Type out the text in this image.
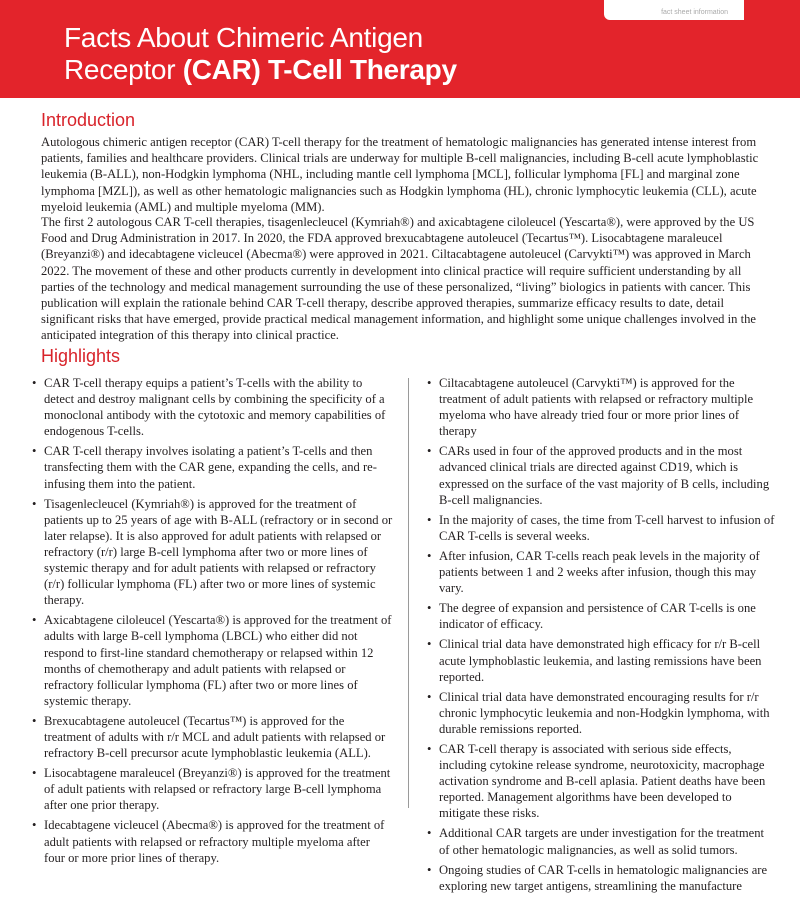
fact sheet information
Facts About Chimeric Antigen
Receptor (CAR) T-Cell Therapy
Introduction

Autologous chimeric antigen receptor (CAR) T-cell therapy for the treatment of hematologic malignancies has generated intense interest from patients, families and healthcare providers. Clinical trials are underway for multiple B-cell malignancies, including B-cell acute lymphoblastic leukemia (B-ALL), non-Hodgkin lymphoma (NHL, including mantle cell lymphoma [MCL], follicular lymphoma [FL] and marginal zone lymphoma [MZL]), as well as other hematologic malignancies such as Hodgkin lymphoma (HL), chronic lymphocytic leukemia (CLL), acute myeloid leukemia (AML) and multiple myeloma (MM).

The first 2 autologous CAR T-cell therapies, tisagenlecleucel (Kymriah®) and axicabtagene ciloleucel (Yescarta®), were approved by the US Food and Drug Administration in 2017. In 2020, the FDA approved brexucabtagene autoleucel (Tecartus™). Lisocabtagene maraleucel (Breyanzi®) and idecabtagene vicleucel (Abecma®) were approved in 2021. Ciltacabtagene autoleucel (Carvykti™) was approved in March 2022. The movement of these and other products currently in development into clinical practice will require sufficient understanding by all parties of the technology and medical management surrounding the use of these personalized, “living” biologics in patients with cancer. This publication will explain the rationale behind CAR T-cell therapy, describe approved therapies, summarize efficacy results to date, detail significant risks that have emerged, provide practical medical management information, and highlight some unique challenges involved in the anticipated integration of this therapy into clinical practice.

Highlights
• CAR T-cell therapy equips a patient’s T-cells with the ability to detect and destroy malignant cells by combining the specificity of a monoclonal antibody with the cytotoxic and memory capabilities of endogenous T-cells.
• CAR T-cell therapy involves isolating a patient’s T-cells and then transfecting them with the CAR gene, expanding the cells, and re-infusing them into the patient.
• Tisagenlecleucel (Kymriah®) is approved for the treatment of patients up to 25 years of age with B-ALL (refractory or in second or later relapse). It is also approved for adult patients with relapsed or refractory (r/r) large B-cell lymphoma after two or more lines of systemic therapy and for adult patients with relapsed or refractory (r/r) follicular lymphoma (FL) after two or more lines of systemic therapy.
• Axicabtagene ciloleucel (Yescarta®) is approved for the treatment of adults with large B-cell lymphoma (LBCL) who either did not respond to first-line standard chemotherapy or relapsed within 12 months of chemotherapy and adult patients with relapsed or refractory follicular lymphoma (FL) after two or more lines of systemic therapy.
• Brexucabtagene autoleucel (Tecartus™) is approved for the treatment of adults with r/r MCL and adult patients with relapsed or refractory B-cell precursor acute lymphoblastic leukemia (ALL).
• Lisocabtagene maraleucel (Breyanzi®) is approved for the treatment of adult patients with relapsed or refractory large B-cell lymphoma after one prior therapy.
• Idecabtagene vicleucel (Abecma®) is approved for the treatment of adult patients with relapsed or refractory multiple myeloma after four or more prior lines of therapy.
• Ciltacabtagene autoleucel (Carvykti™) is approved for the treatment of adult patients with relapsed or refractory multiple myeloma who have already tried four or more prior lines of therapy
• CARs used in four of the approved products and in the most advanced clinical trials are directed against CD19, which is expressed on the surface of the vast majority of B cells, including B-cell malignancies.
• In the majority of cases, the time from T-cell harvest to infusion of CAR T-cells is several weeks.
• After infusion, CAR T-cells reach peak levels in the majority of patients between 1 and 2 weeks after infusion, though this may vary.
• The degree of expansion and persistence of CAR T-cells is one indicator of efficacy.
• Clinical trial data have demonstrated high efficacy for r/r B-cell acute lymphoblastic leukemia, and lasting remissions have been reported.
• Clinical trial data have demonstrated encouraging results for r/r chronic lymphocytic leukemia and non-Hodgkin lymphoma, with durable remissions reported.
• CAR T-cell therapy is associated with serious side effects, including cytokine release syndrome, neurotoxicity, macrophage activation syndrome and B-cell aplasia. Patient deaths have been reported. Management algorithms have been developed to mitigate these risks.
• Additional CAR targets are under investigation for the treatment of other hematologic malignancies, as well as solid tumors.
• Ongoing studies of CAR T-cells in hematologic malignancies are exploring new target antigens, streamlining the manufacture
